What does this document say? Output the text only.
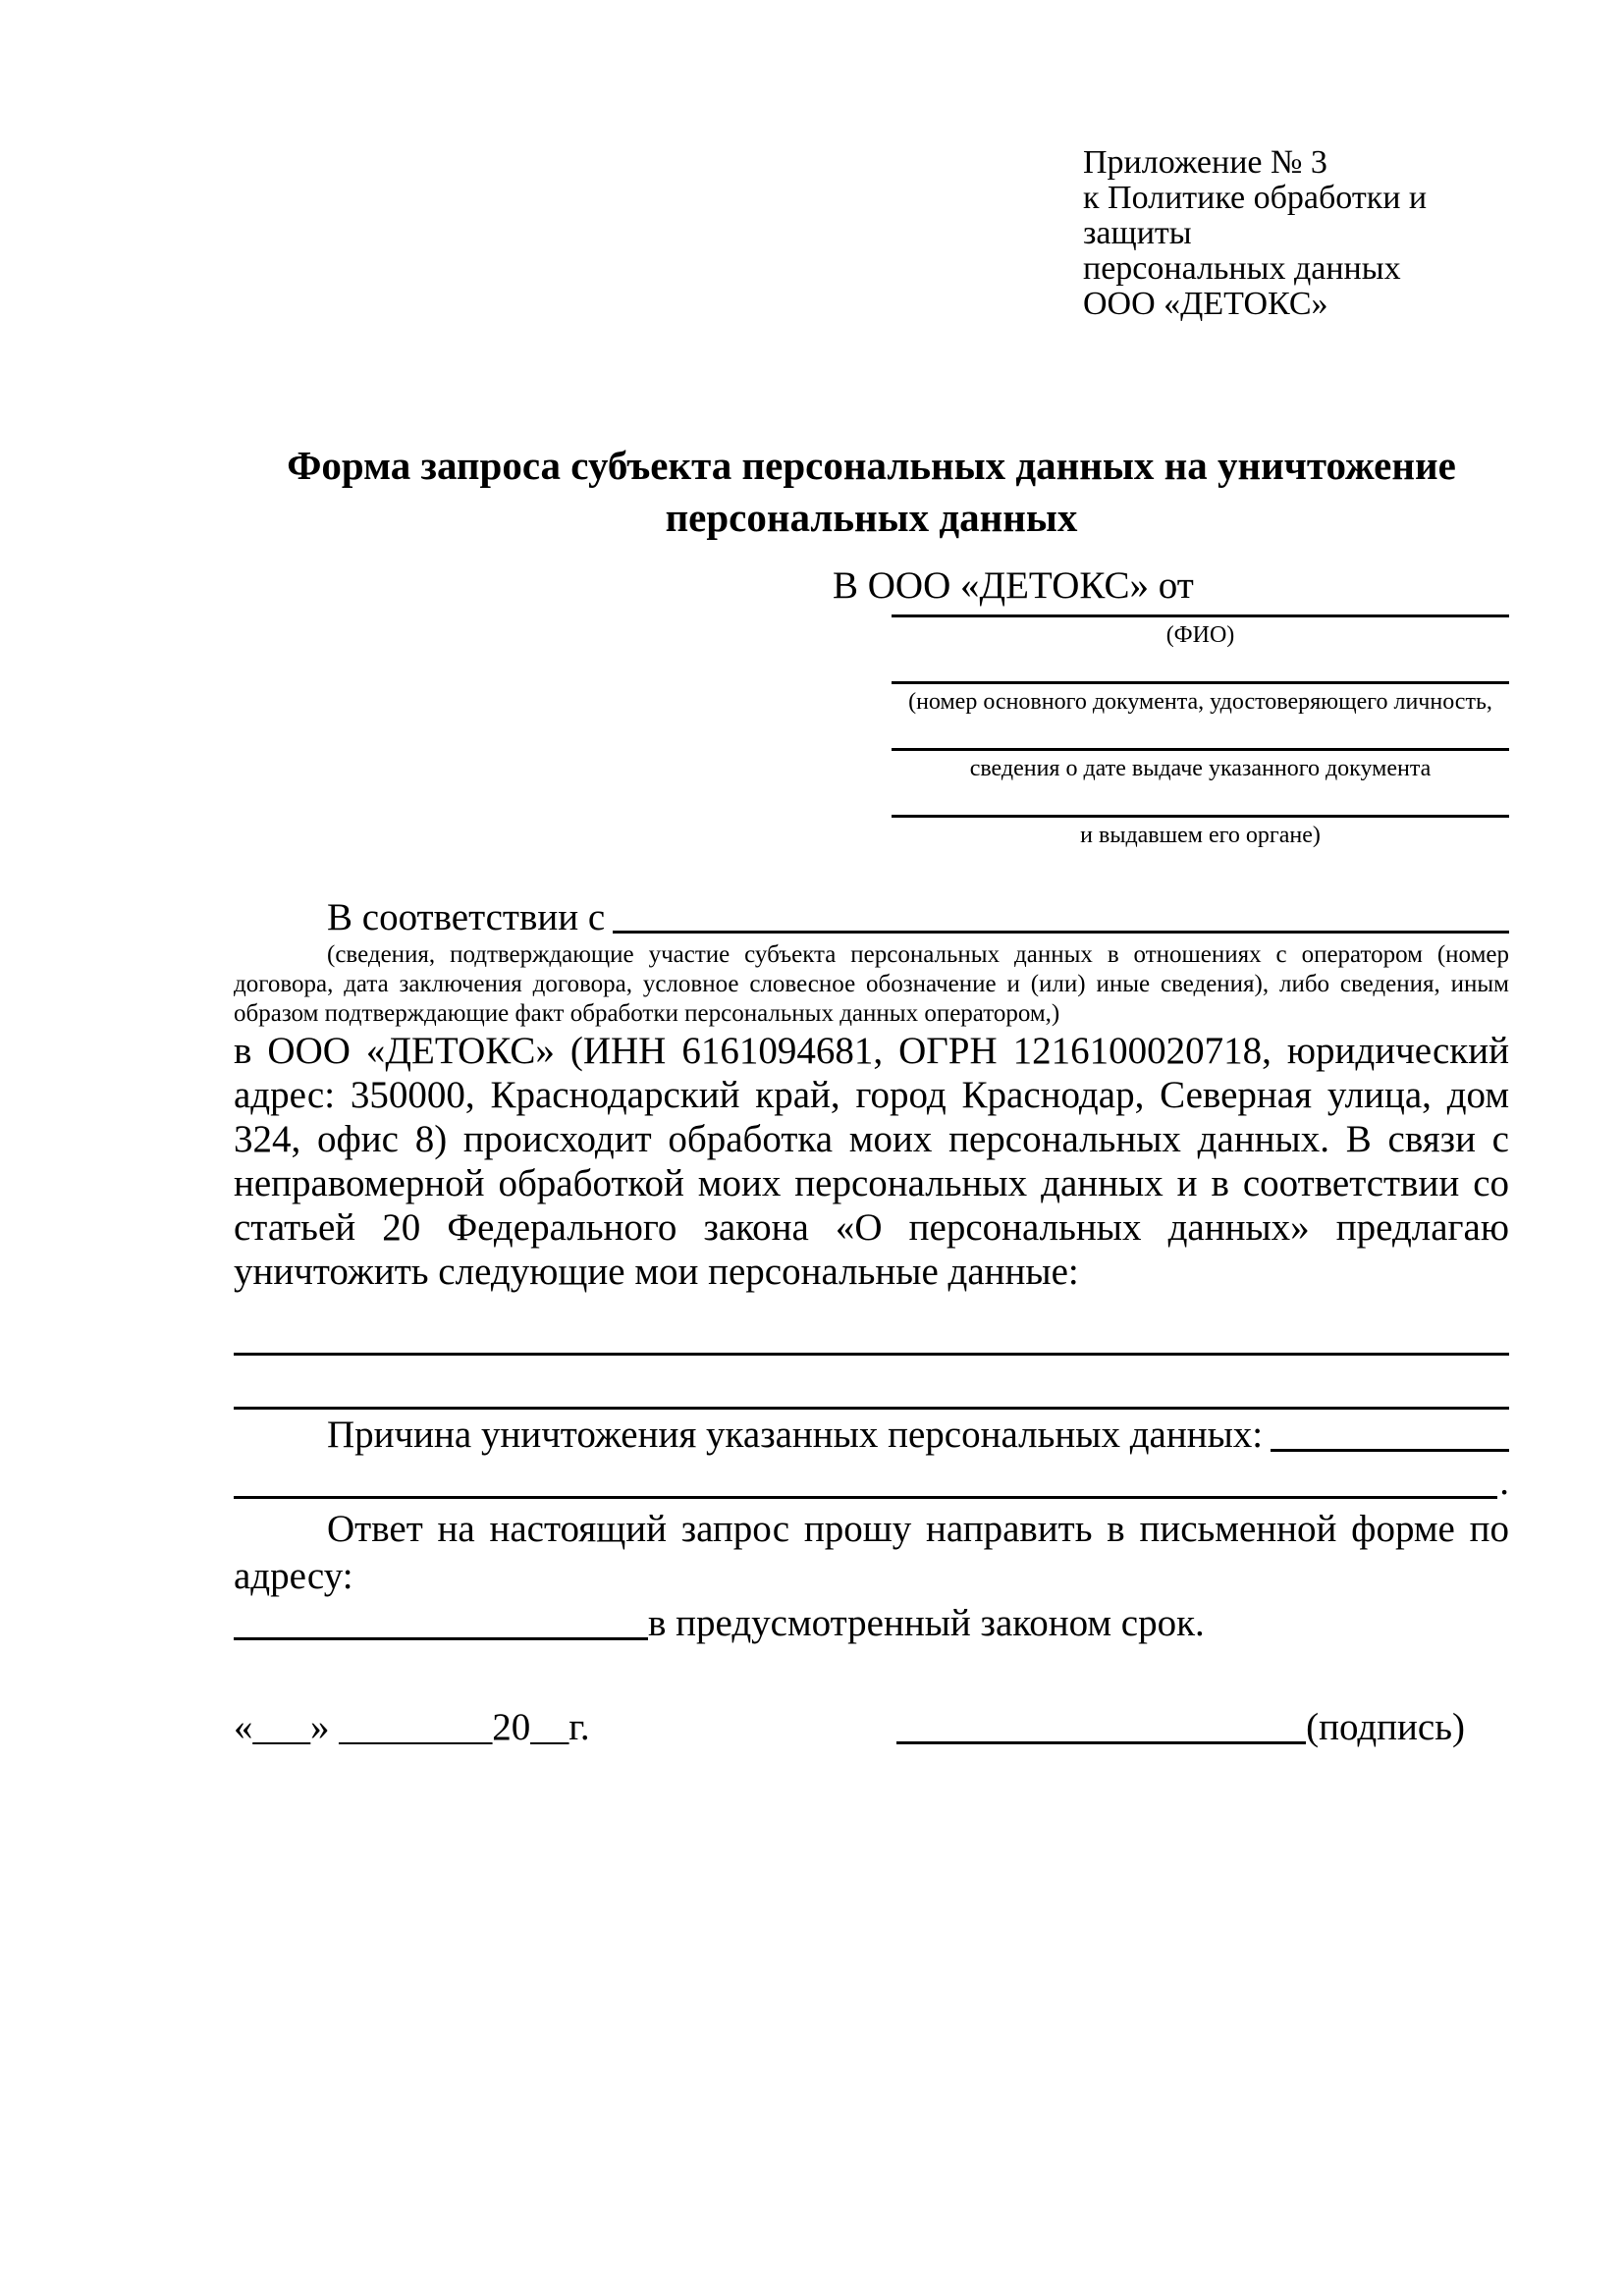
Приложение № 3
к Политике обработки и защиты
персональных данных
ООО «ДЕТОКС»
Форма запроса субъекта персональных данных на уничтожение персональных данных
В ООО «ДЕТОКС» от
(ФИО)
(номер основного документа, удостоверяющего личность,
сведения о дате выдаче указанного документа
и выдавшем его органе)
В соответствии с
(сведения, подтверждающие участие субъекта персональных данных в отношениях с оператором (номер договора, дата заключения договора, условное словесное обозначение и (или) иные сведения), либо сведения, иным образом подтверждающие факт обработки персональных данных оператором,)
в ООО «ДЕТОКС» (ИНН 6161094681, ОГРН 1216100020718, юридический адрес: 350000, Краснодарский край, город Краснодар, Северная улица, дом 324, офис 8) происходит обработка моих персональных данных. В связи с неправомерной обработкой моих персональных данных и в соответствии со статьей 20 Федерального закона «О персональных данных» предлагаю уничтожить следующие мои персональные данные:
Причина уничтожения указанных персональных данных:
.
Ответ на настоящий запрос прошу направить в письменной форме по адресу:
в предусмотренный законом срок.
«___» ________20__г.	(подпись)
